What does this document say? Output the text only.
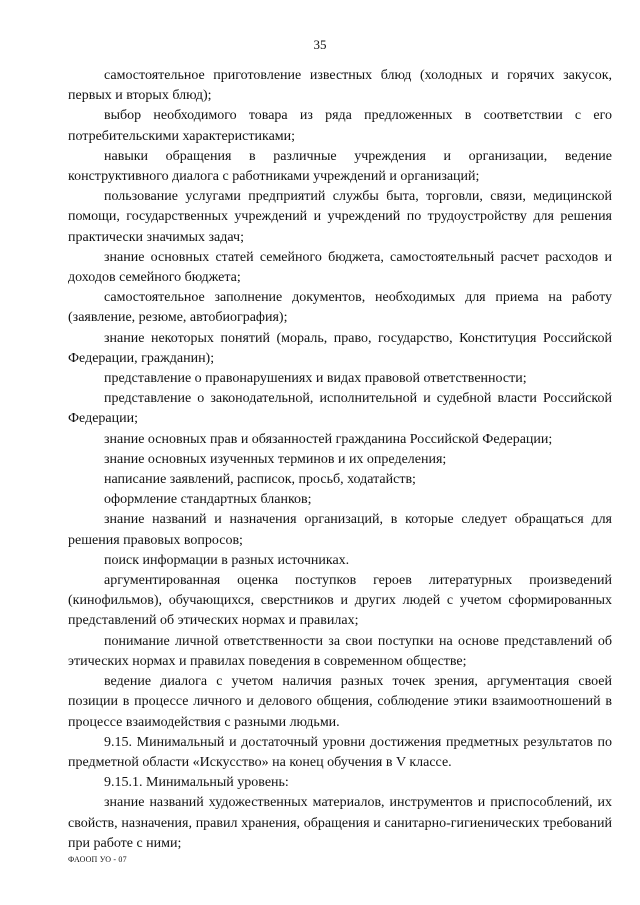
35

самостоятельное приготовление известных блюд (холодных и горячих закусок, первых и вторых блюд);

выбор необходимого товара из ряда предложенных в соответствии с его потребительскими характеристиками;

навыки обращения в различные учреждения и организации, ведение конструктивного диалога с работниками учреждений и организаций;

пользование услугами предприятий службы быта, торговли, связи, медицинской помощи, государственных учреждений и учреждений по трудоустройству для решения практически значимых задач;

знание основных статей семейного бюджета, самостоятельный расчет расходов и доходов семейного бюджета;

самостоятельное заполнение документов, необходимых для приема на работу (заявление, резюме, автобиография);

знание некоторых понятий (мораль, право, государство, Конституция Российской Федерации, гражданин);

представление о правонарушениях и видах правовой ответственности;

представление о законодательной, исполнительной и судебной власти Российской Федерации;

знание основных прав и обязанностей гражданина Российской Федерации;

знание основных изученных терминов и их определения;

написание заявлений, расписок, просьб, ходатайств;

оформление стандартных бланков;

знание названий и назначения организаций, в которые следует обращаться для решения правовых вопросов;

поиск информации в разных источниках.

аргументированная оценка поступков героев литературных произведений (кинофильмов), обучающихся, сверстников и других людей с учетом сформированных представлений об этических нормах и правилах;

понимание личной ответственности за свои поступки на основе представлений об этических нормах и правилах поведения в современном обществе;

ведение диалога с учетом наличия разных точек зрения, аргументация своей позиции в процессе личного и делового общения, соблюдение этики взаимоотношений в процессе взаимодействия с разными людьми.

9.15. Минимальный и достаточный уровни достижения предметных результатов по предметной области «Искусство» на конец обучения в V классе.

9.15.1. Минимальный уровень:

знание названий художественных материалов, инструментов и приспособлений, их свойств, назначения, правил хранения, обращения и санитарно-гигиенических требований при работе с ними;

ФАООП УО - 07
